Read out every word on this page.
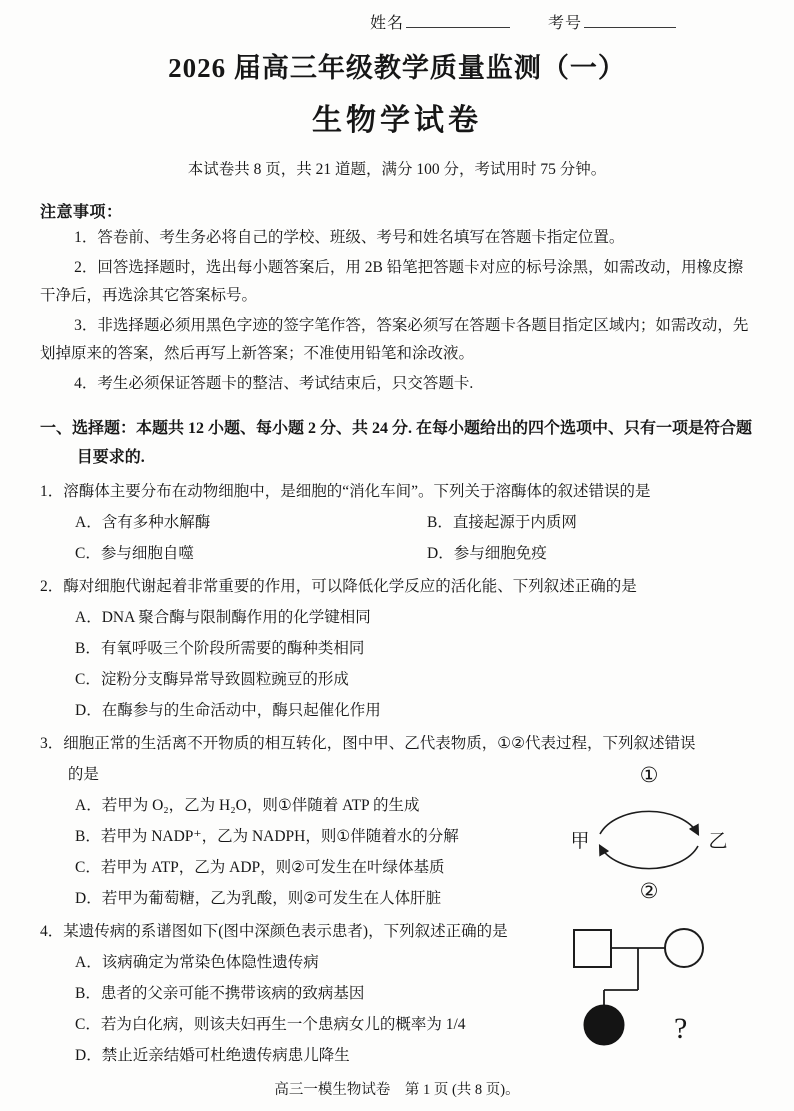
姓名	考号
2026 届高三年级教学质量监测（一）
生物学试卷
本试卷共 8 页，共 21 道题，满分 100 分，考试用时 75 分钟。
注意事项：

1．答卷前、考生务必将自己的学校、班级、考号和姓名填写在答题卡指定位置。

2．回答选择题时，选出每小题答案后，用 2B 铅笔把答题卡对应的标号涂黑，如需改动，用橡皮擦干净后，再选涂其它答案标号。

3．非选择题必须用黑色字迹的签字笔作答，答案必须写在答题卡各题目指定区域内；如需改动，先划掉原来的答案，然后再写上新答案；不准使用铅笔和涂改液。

4．考生必须保证答题卡的整洁、考试结束后，只交答题卡.

一、选择题：本题共 12 小题、每小题 2 分、共 24 分. 在每小题给出的四个选项中、只有一项是符合题目要求的.

1．溶酶体主要分布在动物细胞中，是细胞的“消化车间”。下列关于溶酶体的叙述错误的是

A．含有多种水解酶	B．直接起源于内质网
C．参与细胞自噬	D．参与细胞免疫

2．酶对细胞代谢起着非常重要的作用，可以降低化学反应的活化能、下列叙述正确的是

A．DNA 聚合酶与限制酶作用的化学键相同
B．有氧呼吸三个阶段所需要的酶种类相同
C．淀粉分支酶异常导致圆粒豌豆的形成
D．在酶参与的生命活动中，酶只起催化作用

3．细胞正常的生活离不开物质的相互转化，图中甲、乙代表物质，①②代表过程，下列叙述错误的是

A．若甲为 O₂，乙为 H₂O，则①伴随着 ATP 的生成
B．若甲为 NADP⁺，乙为 NADPH，则①伴随着水的分解
C．若甲为 ATP，乙为 ADP，则②可发生在叶绿体基质
D．若甲为葡萄糖，乙为乳酸，则②可发生在人体肝脏
①
甲	乙
②

4．某遗传病的系谱图如下(图中深颜色表示患者)，下列叙述正确的是

A．该病确定为常染色体隐性遗传病
B．患者的父亲可能不携带该病的致病基因
C．若为白化病，则该夫妇再生一个患病女儿的概率为 1/4
D．禁止近亲结婚可杜绝遗传病患儿降生
?
高三一模生物试卷　第 1 页 (共 8 页)。
